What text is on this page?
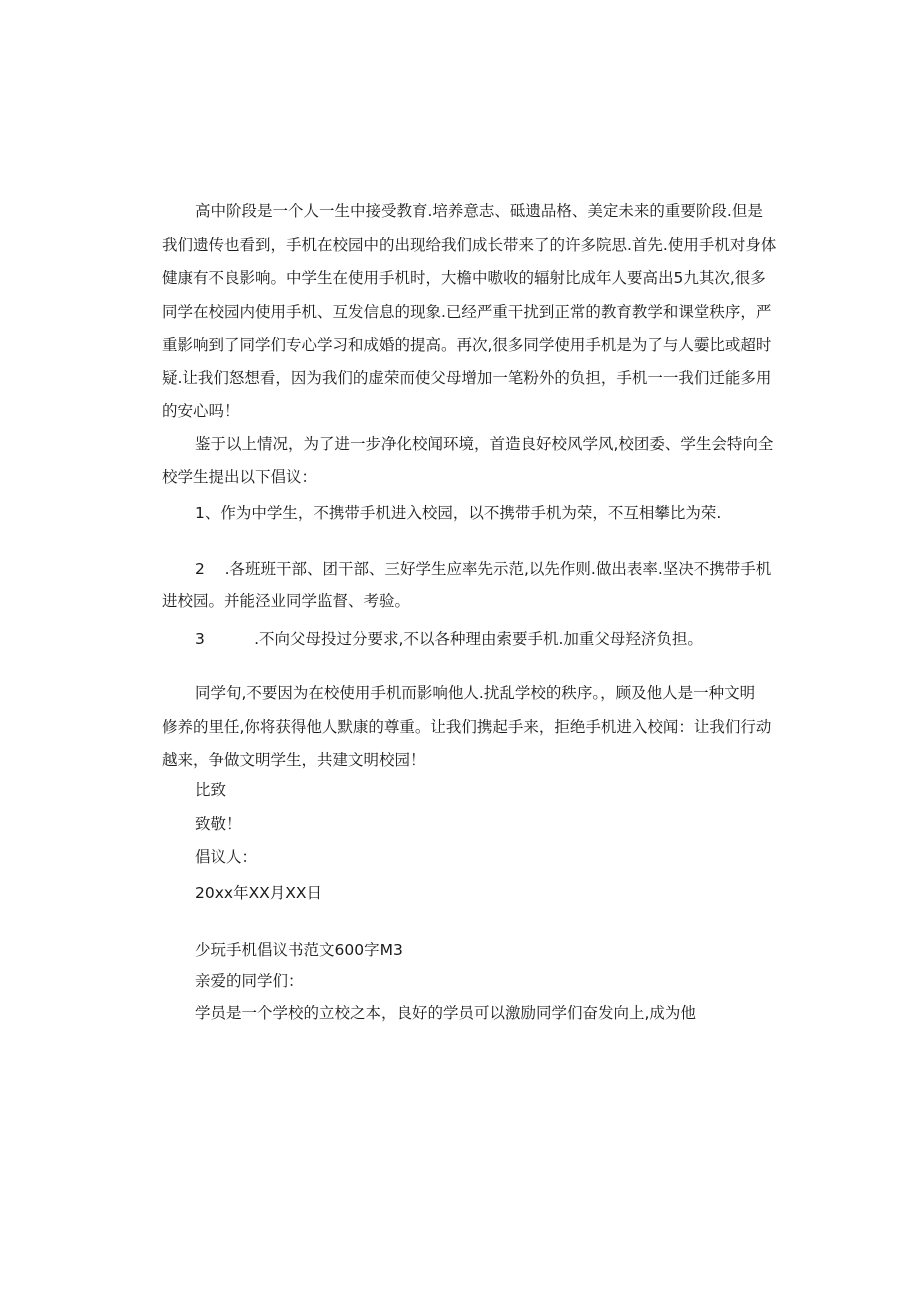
高中阶段是一个人一生中接受教育.培养意志、砥遗品格、美定未来的重要阶段.但是

我们遗传也看到，手机在校园中的出现给我们成长带来了的许多院思.首先.使用手机对身体

健康有不良影响。中学生在使用手机时，大檐中嗷收的辐射比成年人要高出5九其次,很多

同学在校园内使用手机、互发信息的现象.已经严重干扰到正常的教育教学和课堂秩序，严

重影响到了同学们专心学习和成婚的提高。再次,很多同学使用手机是为了与人孁比或超时

疑.让我们怒想看，因为我们的虚荣而使父母增加一笔粉外的负担，手机一一我们迁能多用

的安心吗！

鉴于以上情况，为了进一步净化校闻环境，首造良好校风学风,校团委、学生会特向全

校学生提出以下倡议：

1、作为中学生，不携带手机进入校园，以不携带手机为荣，不互相攀比为荣.

2    .各班班干部、团干部、三好学生应率先示范,以先作则.做出表率.坚决不携带手机

进校园。并能泾业同学监督、考验。

3          .不向父母投过分要求,不以各种理由索要手机.加重父母羟济负担。

同学旬,不要因为在校使用手机而影响他人.扰乱学校的秩序。，顾及他人是一种文明

修养的里任,你将获得他人默康的尊重。让我们携起手来，拒绝手机进入校闻：让我们行动

越来，争做文明学生，共建文明校园！

比致

致敬！

倡议人：

20xx年XX月XX日

少玩手机倡议书范文600字M3

亲爱的同学们：

学员是一个学校的立校之本，良好的学员可以激励同学们奋发向上,成为他
